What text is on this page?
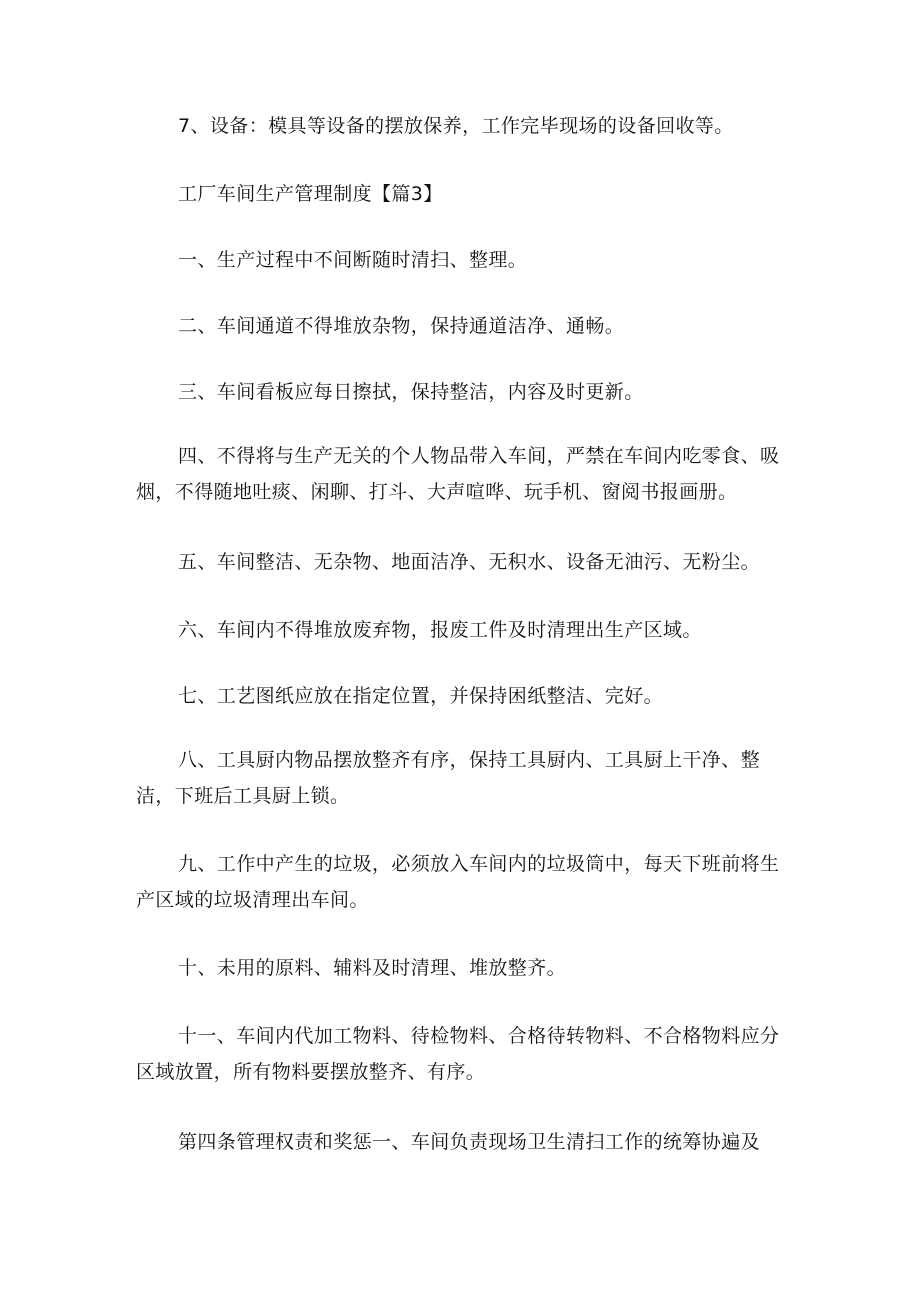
7、设备：模具等设备的摆放保养，工作完毕现场的设备回收等。

工厂车间生产管理制度【篇3】

一、生产过程中不间断随时清扫、整理。

二、车间通道不得堆放杂物，保持通道洁净、通畅。

三、车间看板应每日擦拭，保持整洁，内容及时更新。

四、不得将与生产无关的个人物品带入车间，严禁在车间内吃零食、吸烟，不得随地吐痰、闲聊、打斗、大声喧哗、玩手机、窗阅书报画册。

五、车间整洁、无杂物、地面洁净、无积水、设备无油污、无粉尘。

六、车间内不得堆放废弃物，报废工件及时清理出生产区域。

七、工艺图纸应放在指定位置，并保持困纸整洁、完好。

八、工具厨内物品摆放整齐有序，保持工具厨内、工具厨上干净、整洁，下班后工具厨上锁。

九、工作中产生的垃圾，必须放入车间内的垃圾筒中，每天下班前将生产区域的垃圾清理出车间。

十、未用的原料、辅料及时清理、堆放整齐。

十一、车间内代加工物料、待检物料、合格待转物料、不合格物料应分区域放置，所有物料要摆放整齐、有序。

第四条管理权责和奖惩一、车间负责现场卫生清扫工作的统筹协遍及
